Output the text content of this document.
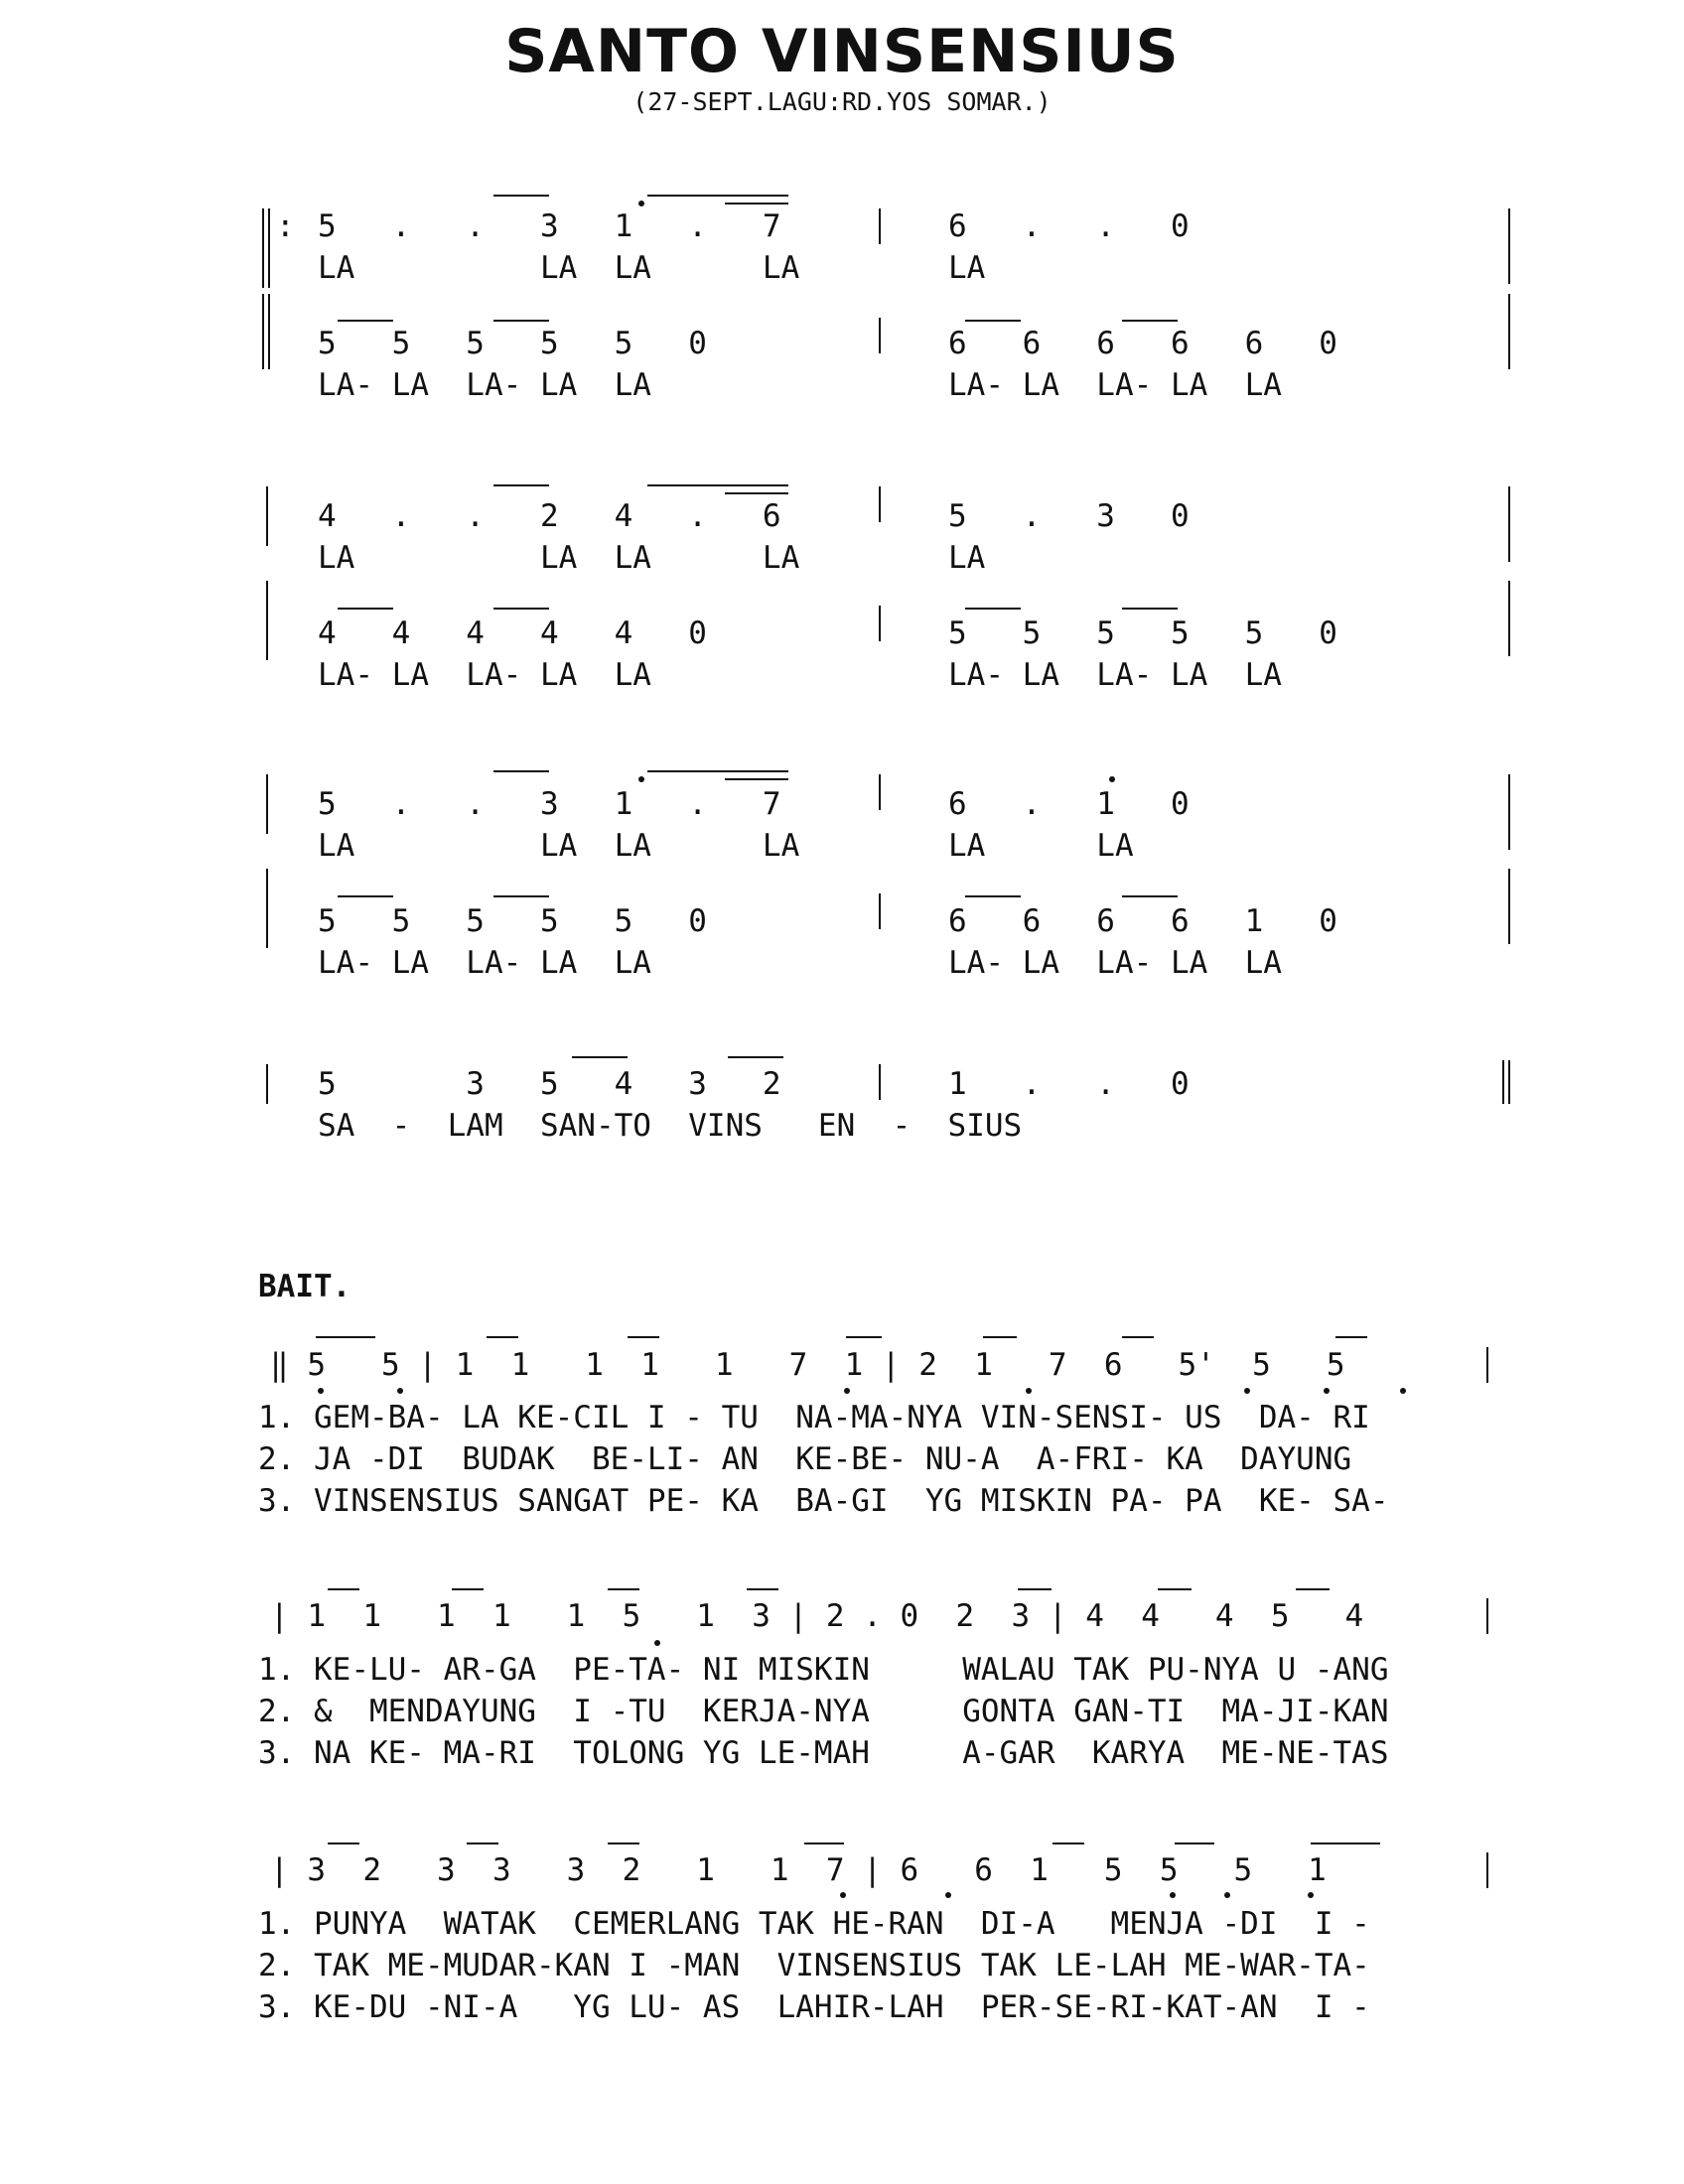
SANTO VINSENSIUS
(27-SEPT.LAGU:RD.YOS SOMAR.)
BAIT.
5   .   .   3   1   .   7	6   .   .   0
LA          LA  LA      LA	LA
5   5   5   5   5   0	6   6   6   6   6   0
LA- LA  LA- LA  LA	LA- LA  LA- LA  LA
4   .   .   2   4   .   6	5   .   3   0
LA          LA  LA      LA	LA
4   4   4   4   4   0	5   5   5   5   5   0
LA- LA  LA- LA  LA	LA- LA  LA- LA  LA
5   .   .   3   1   .   7	6   .   1   0
LA          LA  LA      LA	LA      LA
5   5   5   5   5   0	6   6   6   6   1   0
LA- LA  LA- LA  LA	LA- LA  LA- LA  LA
5       3   5   4   3   2	1   .   .   0
SA  -  LAM  SAN-TO  VINS   EN  -  SIUS
:
‖ 5   5 | 1  1   1  1   1   7  1 | 2  1   7  6   5'  5   5
1. GEM-BA- LA KE-CIL I - TU  NA-MA-NYA VIN-SENSI- US  DA- RI
2. JA -DI  BUDAK  BE-LI- AN  KE-BE- NU-A  A-FRI- KA  DAYUNG
3. VINSENSIUS SANGAT PE- KA  BA-GI  YG MISKIN PA- PA  KE- SA-
| 1  1   1  1   1  5   1  3 | 2 . 0  2  3 | 4  4   4  5   4
1. KE-LU- AR-GA  PE-TA- NI MISKIN     WALAU TAK PU-NYA U -ANG
2. &  MENDAYUNG  I -TU  KERJA-NYA     GONTA GAN-TI  MA-JI-KAN
3. NA KE- MA-RI  TOLONG YG LE-MAH     A-GAR  KARYA  ME-NE-TAS
| 3  2   3  3   3  2   1   1  7 | 6   6  1   5  5   5   1
1. PUNYA  WATAK  CEMERLANG TAK HE-RAN  DI-A   MENJA -DI  I -
2. TAK ME-MUDAR-KAN I -MAN  VINSENSIUS TAK LE-LAH ME-WAR-TA-
3. KE-DU -NI-A   YG LU- AS  LAHIR-LAH  PER-SE-RI-KAT-AN  I -
